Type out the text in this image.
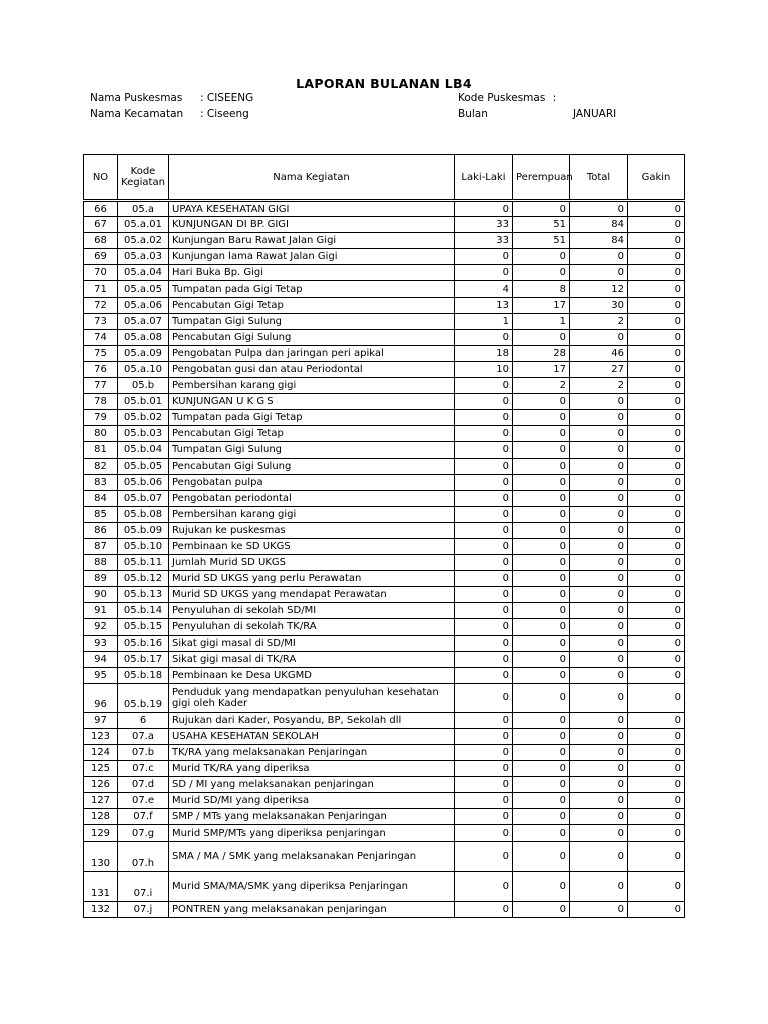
LAPORAN BULANAN LB4
Nama Puskesmas : CISEENG
Nama Kecamatan : Ciseeng
Kode Puskesmas :
Bulan	JANUARI
NO	Kode Kegiatan	Nama Kegiatan	Laki-Laki	Perempuan	Total	Gakin
66	05.a	UPAYA KESEHATAN GIGI	0	0	0	0
67	05.a.01	KUNJUNGAN DI BP. GIGI	33	51	84	0
68	05.a.02	Kunjungan Baru Rawat Jalan Gigi	33	51	84	0
69	05.a.03	Kunjungan lama Rawat Jalan Gigi	0	0	0	0
70	05.a.04	Hari Buka Bp. Gigi	0	0	0	0
71	05.a.05	Tumpatan pada Gigi Tetap	4	8	12	0
72	05.a.06	Pencabutan Gigi Tetap	13	17	30	0
73	05.a.07	Tumpatan Gigi Sulung	1	1	2	0
74	05.a.08	Pencabutan Gigi Sulung	0	0	0	0
75	05.a.09	Pengobatan Pulpa dan jaringan peri apikal	18	28	46	0
76	05.a.10	Pengobatan gusi dan atau Periodontal	10	17	27	0
77	05.b	Pembersihan karang gigi	0	2	2	0
78	05.b.01	KUNJUNGAN U K G S	0	0	0	0
79	05.b.02	Tumpatan pada Gigi Tetap	0	0	0	0
80	05.b.03	Pencabutan Gigi Tetap	0	0	0	0
81	05.b.04	Tumpatan Gigi Sulung	0	0	0	0
82	05.b.05	Pencabutan Gigi Sulung	0	0	0	0
83	05.b.06	Pengobatan pulpa	0	0	0	0
84	05.b.07	Pengobatan periodontal	0	0	0	0
85	05.b.08	Pembersihan karang gigi	0	0	0	0
86	05.b.09	Rujukan ke puskesmas	0	0	0	0
87	05.b.10	Pembinaan ke SD UKGS	0	0	0	0
88	05.b.11	Jumlah Murid SD UKGS	0	0	0	0
89	05.b.12	Murid SD UKGS yang perlu Perawatan	0	0	0	0
90	05.b.13	Murid SD UKGS yang mendapat Perawatan	0	0	0	0
91	05.b.14	Penyuluhan di sekolah SD/MI	0	0	0	0
92	05.b.15	Penyuluhan di sekolah TK/RA	0	0	0	0
93	05.b.16	Sikat gigi masal di SD/MI	0	0	0	0
94	05.b.17	Sikat gigi masal di TK/RA	0	0	0	0
95	05.b.18	Pembinaan ke Desa UKGMD	0	0	0	0
96	05.b.19	Penduduk yang mendapatkan penyuluhan kesehatan gigi oleh Kader	0	0	0	0
97	6	Rujukan dari Kader, Posyandu, BP, Sekolah dll	0	0	0	0
123	07.a	USAHA KESEHATAN SEKOLAH	0	0	0	0
124	07.b	TK/RA yang melaksanakan Penjaringan	0	0	0	0
125	07.c	Murid TK/RA yang diperiksa	0	0	0	0
126	07.d	SD / MI yang melaksanakan penjaringan	0	0	0	0
127	07.e	Murid SD/MI yang diperiksa	0	0	0	0
128	07.f	SMP / MTs yang melaksanakan Penjaringan	0	0	0	0
129	07.g	Murid SMP/MTs yang diperiksa penjaringan	0	0	0	0
130	07.h	SMA / MA / SMK yang melaksanakan Penjaringan	0	0	0	0
131	07.i	Murid SMA/MA/SMK yang diperiksa Penjaringan	0	0	0	0
132	07.j	PONTREN yang melaksanakan penjaringan	0	0	0	0
